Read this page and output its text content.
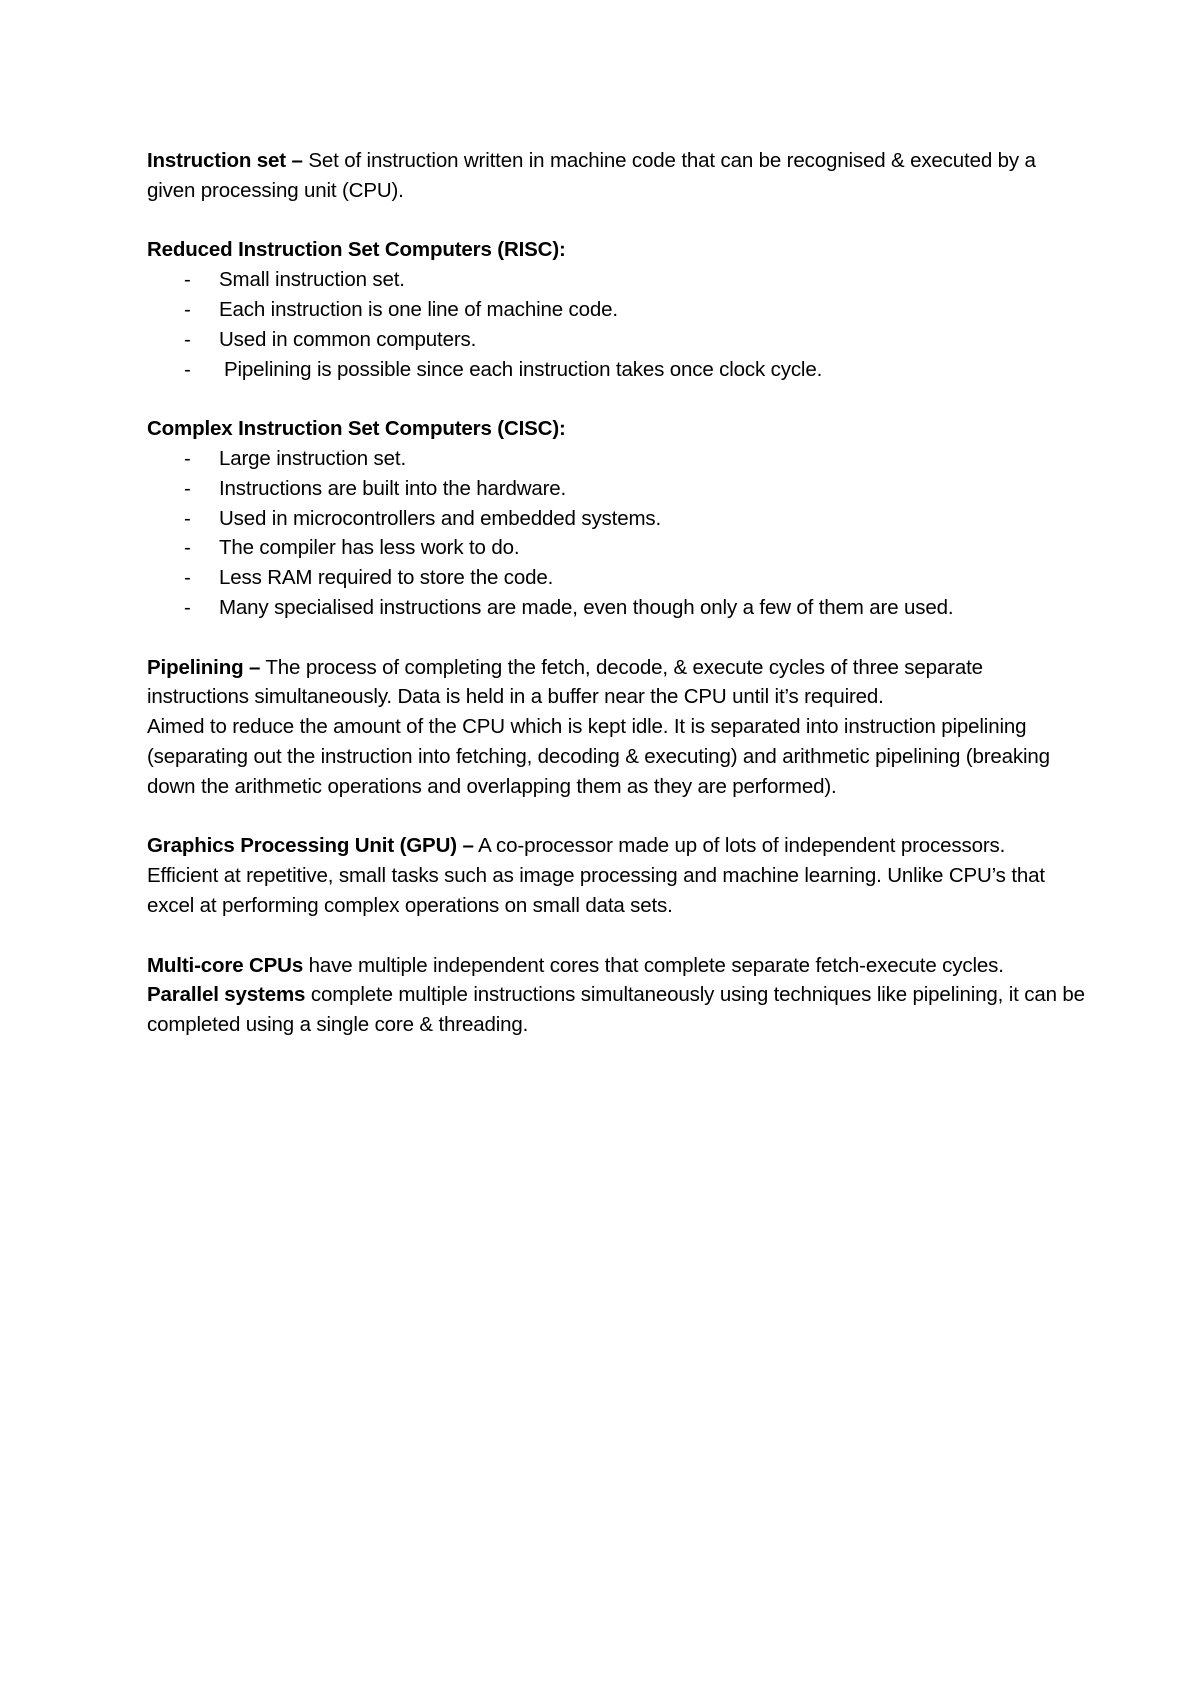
Instruction set – Set of instruction written in machine code that can be recognised & executed by a given processing unit (CPU).

Reduced Instruction Set Computers (RISC):

- Small instruction set.
- Each instruction is one line of machine code.
- Used in common computers.
- Pipelining is possible since each instruction takes once clock cycle.

Complex Instruction Set Computers (CISC):

- Large instruction set.
- Instructions are built into the hardware.
- Used in microcontrollers and embedded systems.
- The compiler has less work to do.
- Less RAM required to store the code.
- Many specialised instructions are made, even though only a few of them are used.

Pipelining – The process of completing the fetch, decode, & execute cycles of three separate instructions simultaneously. Data is held in a buffer near the CPU until it’s required.

Aimed to reduce the amount of the CPU which is kept idle. It is separated into instruction pipelining (separating out the instruction into fetching, decoding & executing) and arithmetic pipelining (breaking down the arithmetic operations and overlapping them as they are performed).

Graphics Processing Unit (GPU) – A co-processor made up of lots of independent processors.

Efficient at repetitive, small tasks such as image processing and machine learning. Unlike CPU’s that excel at performing complex operations on small data sets.

Multi-core CPUs have multiple independent cores that complete separate fetch-execute cycles.

Parallel systems complete multiple instructions simultaneously using techniques like pipelining, it can be completed using a single core & threading.
